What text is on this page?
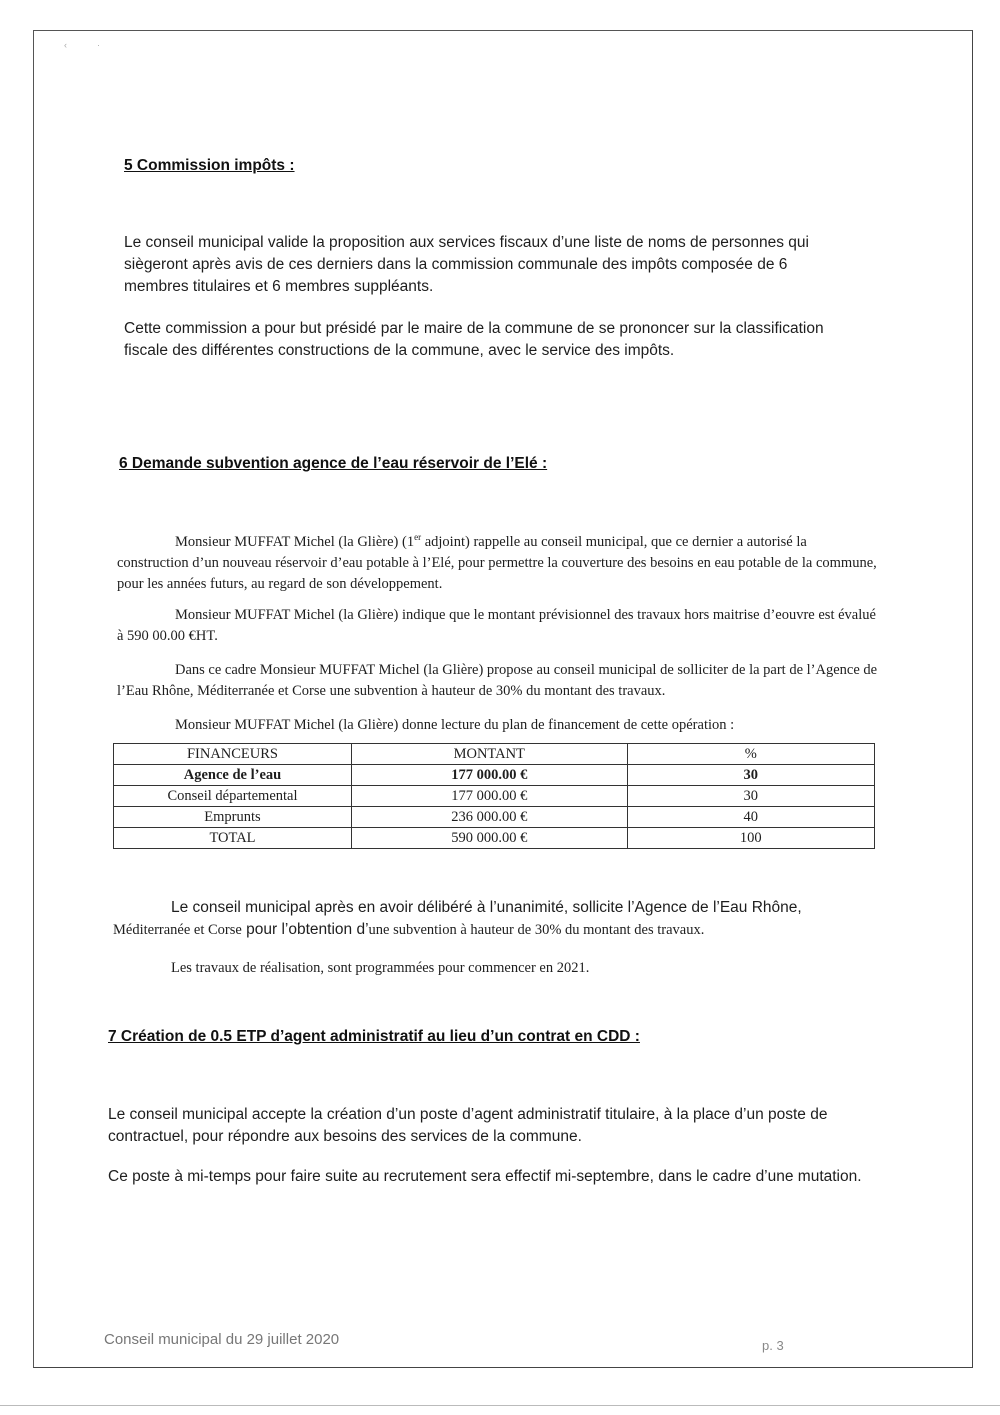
‹	·
5 Commission impôts :
Le conseil municipal valide la proposition aux services fiscaux d’une liste de noms de personnes qui siègeront après avis de ces derniers dans la commission communale des impôts composée de 6 membres titulaires et 6 membres suppléants.
Cette commission a pour but présidé par le maire de la commune de se prononcer sur la classification fiscale des différentes constructions de la commune, avec le service des impôts.
6 Demande subvention agence de l’eau réservoir de l’Elé :
Monsieur MUFFAT Michel (la Glière) (1er adjoint) rappelle au conseil municipal, que ce dernier a autorisé la construction d’un nouveau réservoir d’eau potable à l’Elé, pour permettre la couverture des besoins en eau potable de la commune, pour les années futurs, au regard de son développement.
Monsieur MUFFAT Michel (la Glière) indique que le montant prévisionnel des travaux hors maitrise d’eouvre est évalué à 590 00.00 €HT.
Dans ce cadre Monsieur MUFFAT Michel (la Glière) propose au conseil municipal de solliciter de la part de l’Agence de l’Eau Rhône, Méditerranée et Corse une subvention à hauteur de 30% du montant des travaux.
Monsieur MUFFAT Michel (la Glière) donne lecture du plan de financement de cette opération :
FINANCEURS	MONTANT	%
Agence de l’eau	177 000.00 €	30
Conseil départemental	177 000.00 €	30
Emprunts	236 000.00 €	40
TOTAL	590 000.00 €	100
Le conseil municipal après en avoir délibéré à l’unanimité, sollicite l’Agence de l’Eau Rhône, Méditerranée et Corse pour l’obtention d’une subvention à hauteur de 30% du montant des travaux.
Les travaux de réalisation, sont programmées pour commencer en 2021.
7 Création de 0.5 ETP d’agent administratif au lieu d’un contrat en CDD :
Le conseil municipal accepte la création d’un poste d’agent administratif titulaire, à la place d’un poste de contractuel, pour répondre aux besoins des services de la commune.
Ce poste à mi-temps pour faire suite au recrutement sera effectif mi-septembre, dans le cadre d’une mutation.
Conseil municipal du 29 juillet 2020	p. 3
